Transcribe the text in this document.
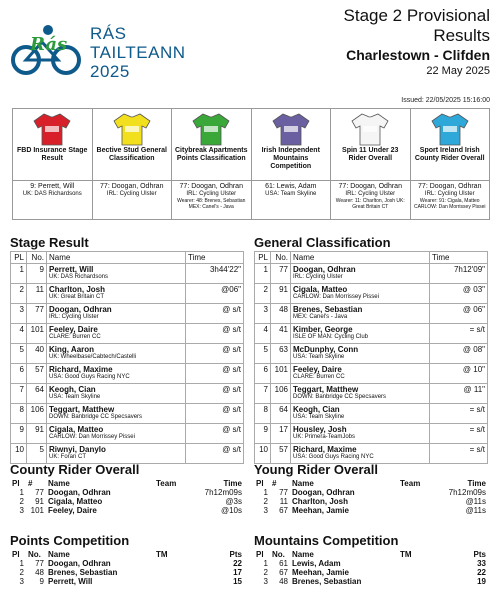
Rás
RÁS
TAILTEANN
2025
Stage 2 Provisional
Results
Charlestown - Clifden
22 May 2025
Issued: 22/05/2025 15:16:00
FBD Insurance Stage Result
9: Perrett, Will
UK: DAS Richardsons
Bective Stud General Classification
77: Doogan, Odhran
IRL: Cycling Ulster
Citybreak Apartments Points Classification
77: Doogan, Odhran
IRL: Cycling Ulster
Wearer: 48: Brenes, Sebastian MEX: Canel's - Java
Irish Independent Mountains Competition
61: Lewis, Adam
USA: Team Skyline
Spin 11 Under 23 Rider Overall
77: Doogan, Odhran
IRL: Cycling Ulster
Wearer: 11: Charlton, Josh UK: Great Britain CT
Sport Ireland Irish County Rider Overall
77: Doogan, Odhran
IRL: Cycling Ulster
Wearer: 91: Cigala, Matteo CARLOW: Dan Morrissey Pissei
Stage Result
PL	No.	Name	Time
1	9	Perrett, Will
UK: DAS Richardsons	3h44'22"
2	11	Charlton, Josh
UK: Great Britain CT	@06"
3	77	Doogan, Odhran
IRL: Cycling Ulster	@ s/t
4	101	Feeley, Daire
CLARE: Burren CC	@ s/t
5	40	King, Aaron
UK: Wheelbase/Cabtech/Castelli	@ s/t
6	57	Richard, Maxime
USA: Good Guys Racing NYC	@ s/t
7	64	Keogh, Cian
USA: Team Skyline	@ s/t
8	106	Teggart, Matthew
DOWN: Banbridge CC Specsavers	@ s/t
9	91	Cigala, Matteo
CARLOW: Dan Morrissey Pissei	@ s/t
10	5	Riwnyi, Danylo
UK: Foran CT	@ s/t
General Classification
PL	No.	Name	Time
1	77	Doogan, Odhran
IRL: Cycling Ulster	7h12'09"
2	91	Cigala, Matteo
CARLOW: Dan Morrissey Pissei	@ 03"
3	48	Brenes, Sebastian
MEX: Canel's - Java	@ 06"
4	41	Kimber, George
ISLE OF MAN: Cycling Club	= s/t
5	63	McDunphy, Conn
USA: Team Skyline	@ 08"
6	101	Feeley, Daire
CLARE: Burren CC	@ 10"
7	106	Teggart, Matthew
DOWN: Banbridge CC Specsavers	@ 11"
8	64	Keogh, Cian
USA: Team Skyline	= s/t
9	17	Housley, Josh
UK: Primera-TeamJobs	= s/t
10	57	Richard, Maxime
USA: Good Guys Racing NYC	= s/t
County Rider Overall
Pl	#	Name	Team	Time
1	77	Doogan, Odhran		7h12m09s
2	91	Cigala, Matteo		@3s
3	101	Feeley, Daire		@10s
Young Rider Overall
Pl	#	Name	Team	Time
1	77	Doogan, Odhran		7h12m09s
2	11	Charlton, Josh		@11s
3	67	Meehan, Jamie		@11s
Points Competition
Pl	No.	Name	TM	Pts
1	77	Doogan, Odhran		22
2	48	Brenes, Sebastian		17
3	9	Perrett, Will		15
Mountains Competition
Pl	No.	Name	TM	Pts
1	61	Lewis, Adam		33
2	67	Meehan, Jamie		22
3	48	Brenes, Sebastian		19
